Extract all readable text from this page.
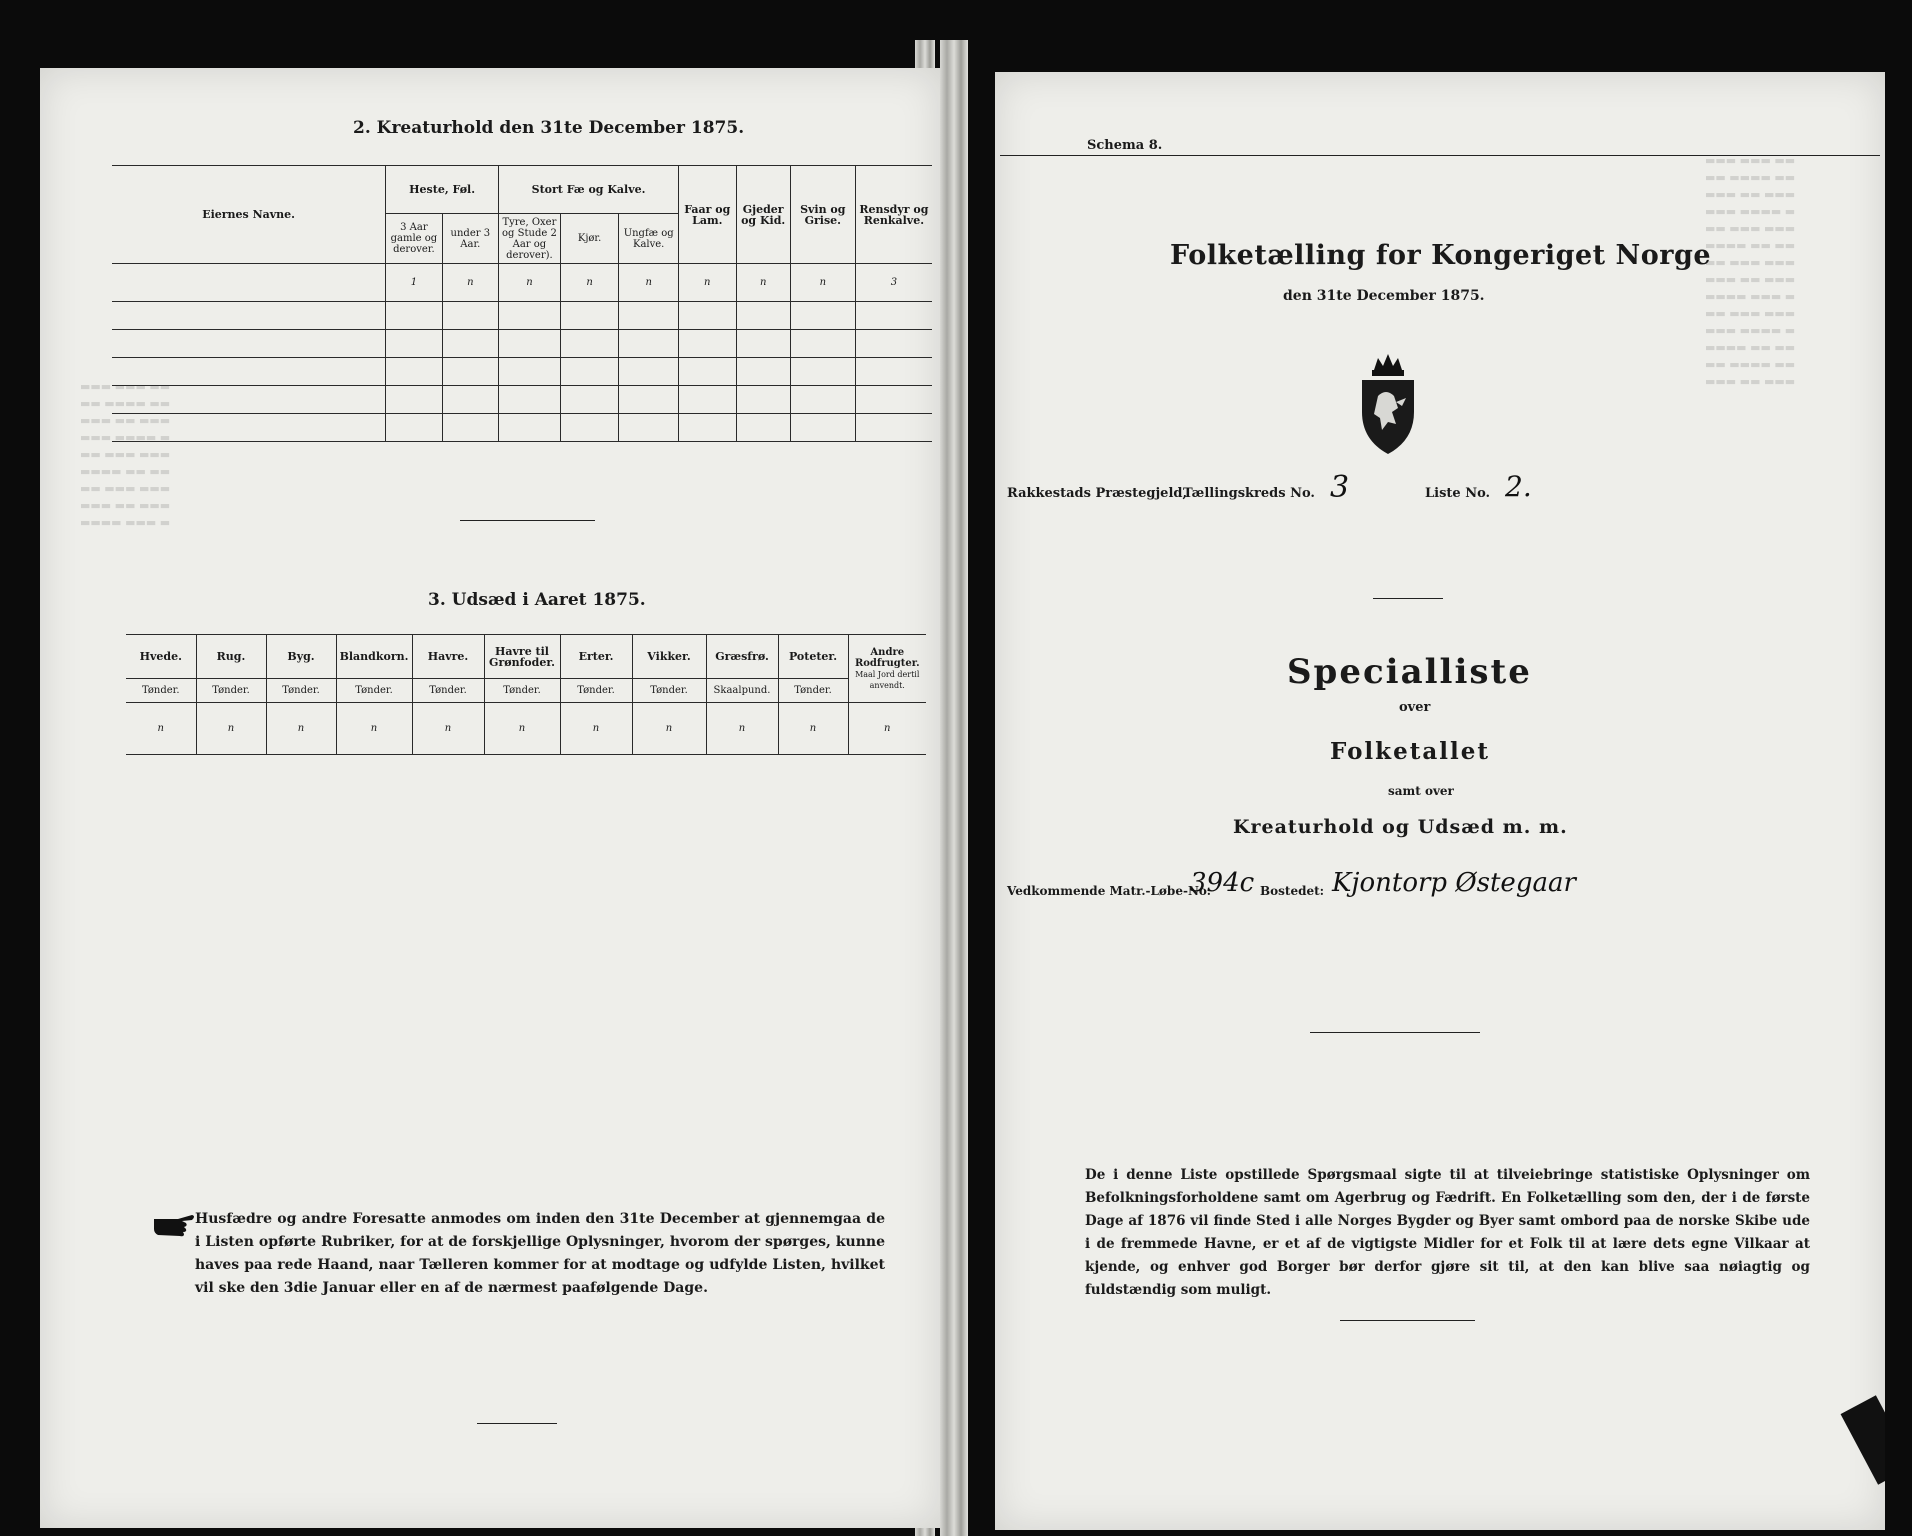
▬▬▬ ▬▬▬ ▬▬
▬▬ ▬▬▬▬ ▬▬
▬▬▬ ▬▬ ▬▬▬
▬▬▬ ▬▬▬▬ ▬
▬▬ ▬▬▬ ▬▬▬
▬▬▬▬ ▬▬ ▬▬
▬▬ ▬▬▬ ▬▬▬
▬▬▬ ▬▬ ▬▬▬
▬▬▬▬ ▬▬▬ ▬
2. Kreaturhold den 31te December 1875.
Eiernes Navne.	Heste, Føl.		Stort Fæ og Kalve.			Faar og Lam.	Gjeder og Kid.	Svin og Grise.	Rensdyr og Renkalve.
	3 Aar gamle og derover.	under 3 Aar.	Tyre, Oxer og Stude 2 Aar og derover).	Kjør.	Ungfæ og Kalve.				
	1	n	n	n	n	n	n	n	3

3. Udsæd i Aaret 1875.
Hvede.	Rug.	Byg.	Blandkorn.	Havre.	Havre til Grønfoder.	Erter.	Vikker.	Græsfrø.	Poteter.	Andre Rodfrugter.
Maal Jord dertil anvendt.

Tønder.	Tønder.	Tønder.	Tønder.	Tønder.	Tønder.	Tønder.	Tønder.	Skaalpund.	Tønder.	
n	n	n	n	n	n	n	n	n	n	n
Husfædre og andre Foresatte anmodes om inden den 31te December at gjennemgaa de i Listen opførte Rubriker, for at de forskjellige Oplysninger, hvorom der spørges, kunne haves paa rede Haand, naar Tælleren kommer for at modtage og udfylde Listen, hvilket vil ske den 3die Januar eller en af de nærmest paafølgende Dage.
▬▬▬ ▬▬▬ ▬▬
▬▬ ▬▬▬▬ ▬▬
▬▬▬ ▬▬ ▬▬▬
▬▬▬ ▬▬▬▬ ▬
▬▬ ▬▬▬ ▬▬▬
▬▬▬▬ ▬▬ ▬▬
▬▬ ▬▬▬ ▬▬▬
▬▬▬ ▬▬ ▬▬▬
▬▬▬▬ ▬▬▬ ▬
▬▬ ▬▬▬ ▬▬▬
▬▬▬ ▬▬▬▬ ▬
▬▬▬▬ ▬▬ ▬▬
▬▬ ▬▬▬▬ ▬▬
▬▬▬ ▬▬ ▬▬▬
Schema 8.
Folketælling for Kongeriget Norge
den 31te December 1875.
Rakkestads Præstegjeld,
Tællingskreds No. 3	Liste No. 2.
Specialliste
over
Folketallet
samt over
Kreaturhold og Udsæd m. m.
Vedkommende Matr.-Løbe-No.
394c Bostedet: Kjontorp Østegaar
De i denne Liste opstillede Spørgsmaal sigte til at tilveiebringe statistiske Oplysninger om Befolkningsforholdene samt om Agerbrug og Fædrift. En Folketælling som den, der i de første Dage af 1876 vil finde Sted i alle Norges Bygder og Byer samt ombord paa de norske Skibe ude i de fremmede Havne, er et af de vigtigste Midler for et Folk til at lære dets egne Vilkaar at kjende, og enhver god Borger bør derfor gjøre sit til, at den kan blive saa nøiagtig og fuldstændig som muligt.
